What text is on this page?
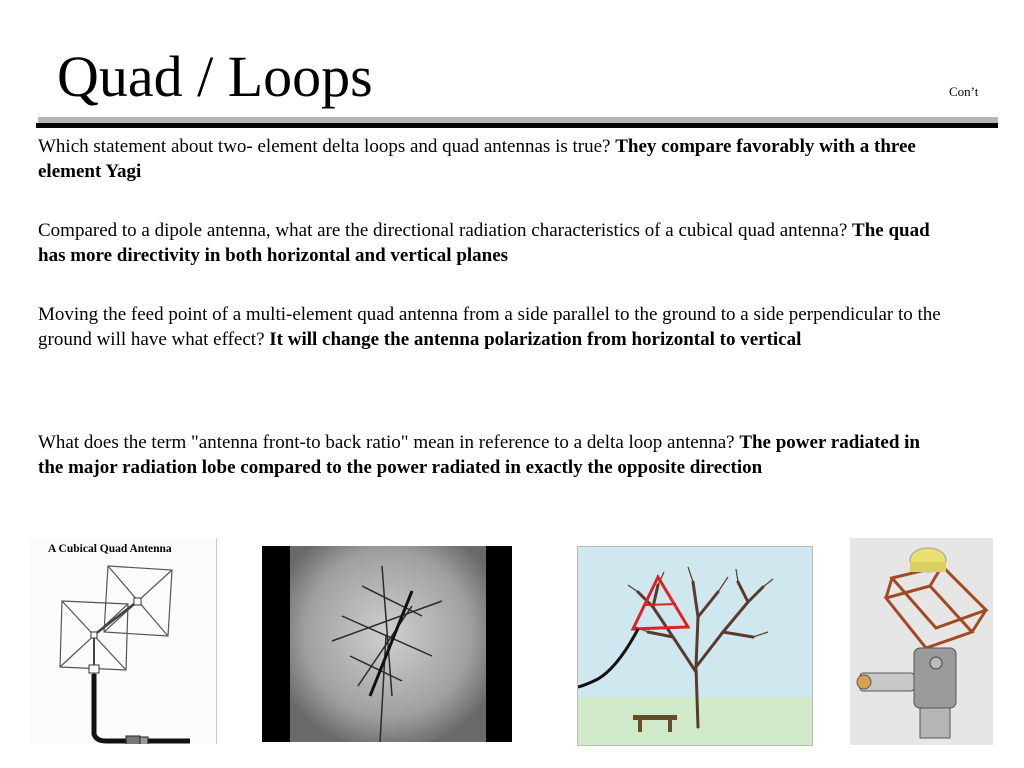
Quad / Loops	Con’t

Which statement about two- element delta loops and quad antennas is true? They compare favorably with a three element Yagi

Compared to a dipole antenna, what are the directional radiation characteristics of a cubical quad antenna? The quad has more directivity in both horizontal and vertical planes

Moving the feed point of a multi-element quad antenna from a side parallel to the ground to a side perpendicular to the ground will have what effect? It will change the antenna polarization from horizontal to vertical

What does the term "antenna front-to back ratio" mean in reference to a delta loop antenna? The power radiated in the major radiation lobe compared to the power radiated in exactly the opposite direction

A Cubical Quad Antenna
